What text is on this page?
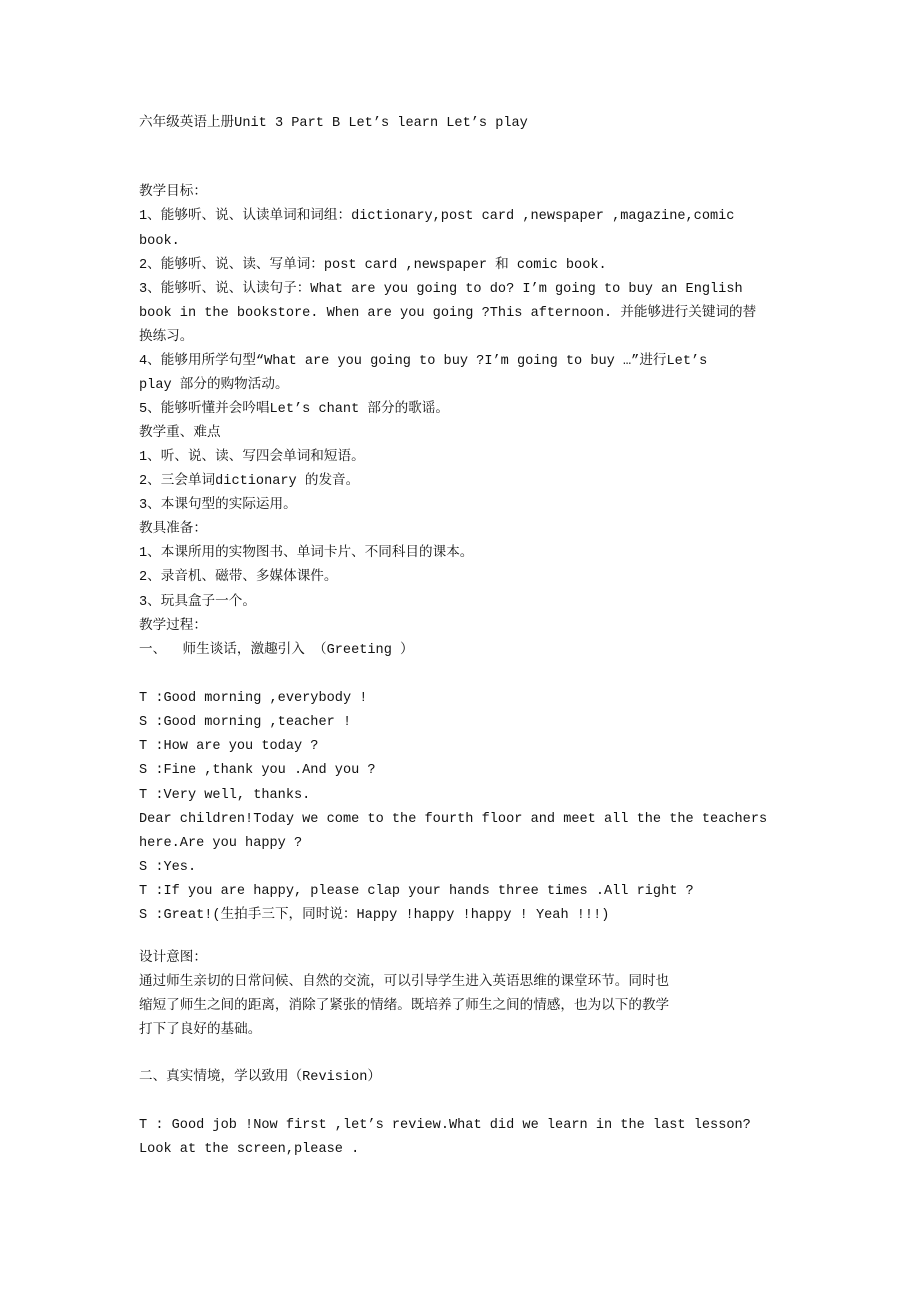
六年级英语上册Unit 3 Part B Let’s learn Let’s play
教学目标：
1、能够听、说、认读单词和词组：dictionary,post card ,newspaper ,magazine,comic
book.
2、能够听、说、读、写单词：post card ,newspaper 和 comic book.
3、能够听、说、认读句子：What are you going to do? I’m going to buy an English
book in the bookstore. When are you going ?This afternoon. 并能够进行关键词的替
换练习。
4、能够用所学句型“What are you going to buy ?I’m going to buy …”进行Let’s
play 部分的购物活动。
5、能够听懂并会吟唱Let’s chant 部分的歌谣。
教学重、难点
1、听、说、读、写四会单词和短语。
2、三会单词dictionary 的发音。
3、本课句型的实际运用。
教具准备：
1、本课所用的实物图书、单词卡片、不同科目的课本。
2、录音机、磁带、多媒体课件。
3、玩具盒子一个。
教学过程：
一、  师生谈话，激趣引入 （Greeting ）
T :Good morning ,everybody !
S :Good morning ,teacher !
T :How are you today ?
S :Fine ,thank you .And you ?
T :Very well, thanks.
Dear children!Today we come to the fourth floor and meet all the the teachers
here.Are you happy ?
S :Yes.
T :If you are happy, please clap your hands three times .All right ?
S :Great!(生拍手三下，同时说：Happy !happy !happy ! Yeah !!!)
设计意图：
通过师生亲切的日常问候、自然的交流，可以引导学生进入英语思维的课堂环节。同时也
缩短了师生之间的距离，消除了紧张的情绪。既培养了师生之间的情感，也为以下的教学
打下了良好的基础。
二、真实情境，学以致用（Revision）
T : Good job !Now first ,let’s review.What did we learn in the last lesson?
Look at the screen,please .
